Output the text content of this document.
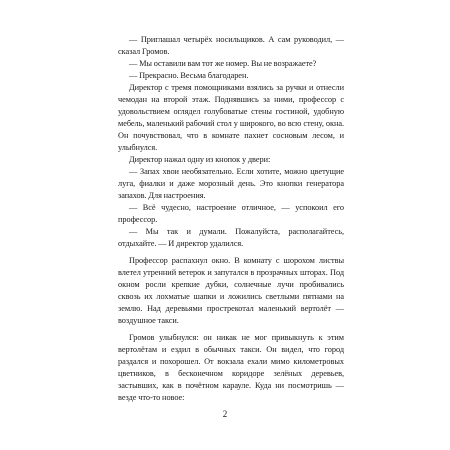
— Приглашал четырёх носильщиков. А сам руководил, — сказал Громов.

— Мы оставили вам тот же номер. Вы не возражаете?

— Прекрасно. Весьма благодарен.

Директор с тремя помощниками взялись за ручки и отнесли чемодан на второй этаж. Поднявшись за ними, профессор с удовольствием оглядел голубоватые стены гостиной, удобную мебель, маленький рабочий стол у широкого, во всю стену, окна. Он почувствовал, что в комнате пахнет сосновым лесом, и улыбнулся.

Директор нажал одну из кнопок у двери:

— Запах хвои необязательно. Если хотите, можно цветущие луга, фиалки и даже морозный день. Это кнопки генератора запахов. Для настроения.

— Всё чудесно, настроение отличное, — успокоил его профессор.

— Мы так и думали. Пожалуйста, располагайтесь, отдыхайте. — И директор удалился.

Профессор распахнул окно. В комнату с шорохом листвы влетел утренний ветерок и запутался в прозрачных шторах. Под окном росли крепкие дубки, солнечные лучи пробивались сквозь их лохматые шапки и ложились светлыми пятнами на землю. Над деревьями прострекотал маленький вертолёт — воздушное такси.

Громов улыбнулся: он никак не мог привыкнуть к этим вертолётам и ездил в обычных такси. Он видел, что город раздался и похорошел. От вокзала ехали мимо километровых цветников, в бесконечном коридоре зелёных деревьев, застывших, как в почётном карауле. Куда ни посмотришь — везде что-то новое:

2
